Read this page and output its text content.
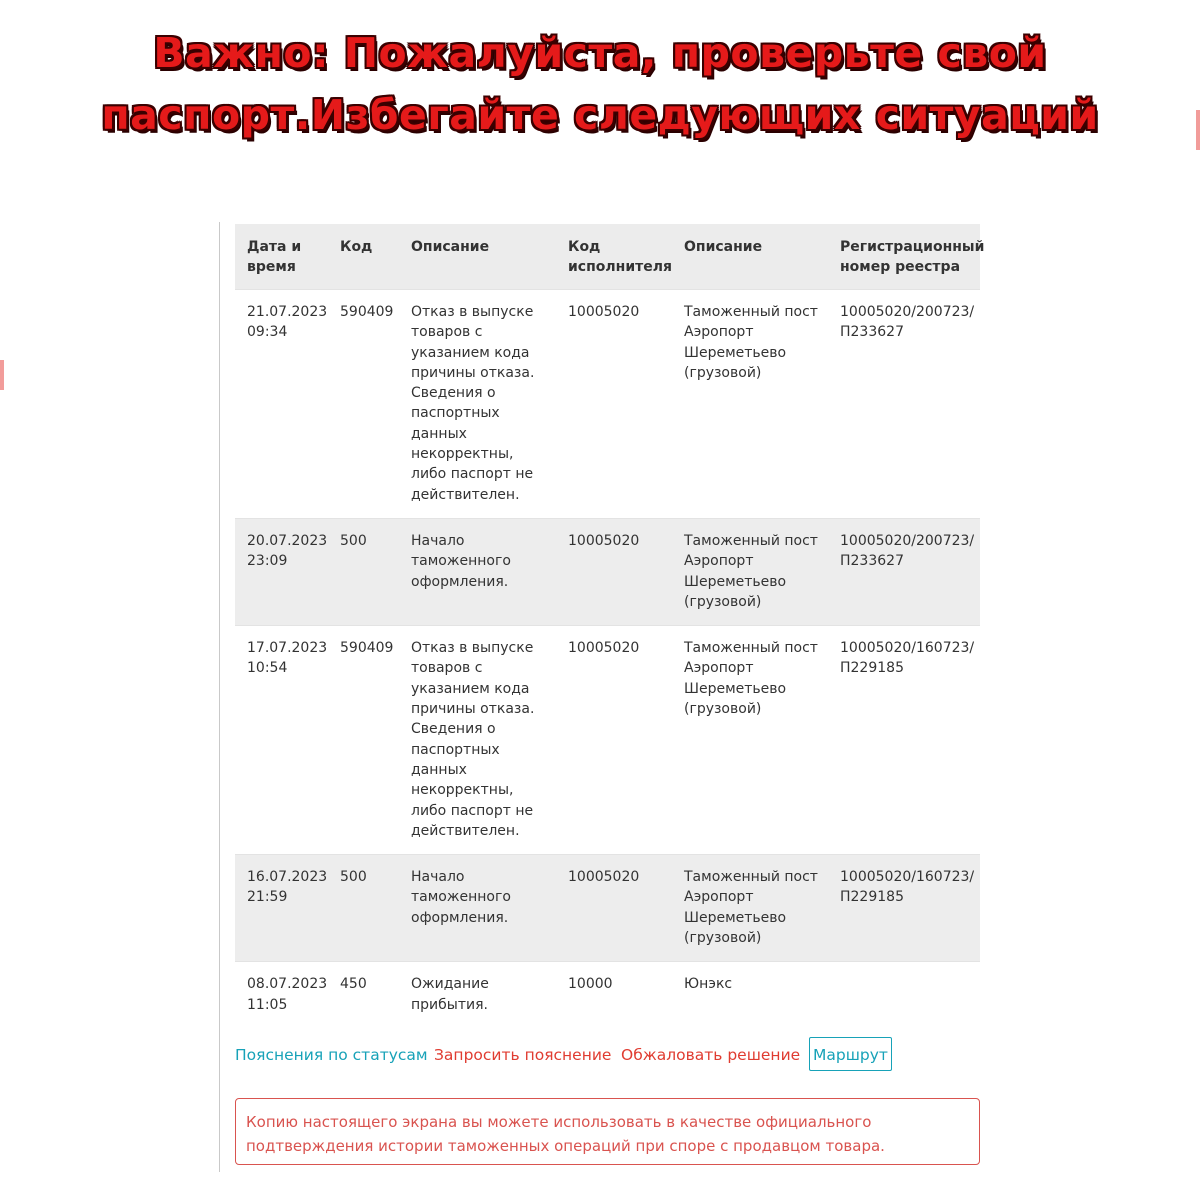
Важно: Пожалуйста, проверьте свой
паспорт.Избегайте следующих ситуаций
Дата и время	Код	Описание	Код исполнителя	Описание	Регистрационный номер реестра
21.07.2023 09:34	590409	Отказ в выпуске товаров с указанием кода причины отказа. Сведения о паспортных данных некорректны, либо паспорт не действителен.	10005020	Таможенный пост Аэропорт Шереметьево (грузовой)	10005020/200723/ П233627
20.07.2023 23:09	500	Начало таможенного оформления.	10005020	Таможенный пост Аэропорт Шереметьево (грузовой)	10005020/200723/ П233627
17.07.2023 10:54	590409	Отказ в выпуске товаров с указанием кода причины отказа. Сведения о паспортных данных некорректны, либо паспорт не действителен.	10005020	Таможенный пост Аэропорт Шереметьево (грузовой)	10005020/160723/ П229185
16.07.2023 21:59	500	Начало таможенного оформления.	10005020	Таможенный пост Аэропорт Шереметьево (грузовой)	10005020/160723/ П229185
08.07.2023 11:05	450	Ожидание прибытия.	10000	Юнэкс	
Пояснения по статусам Запросить пояснение Обжаловать решение Маршрут
Копию настоящего экрана вы можете использовать в качестве официального подтверждения истории таможенных операций при споре с продавцом товара.
